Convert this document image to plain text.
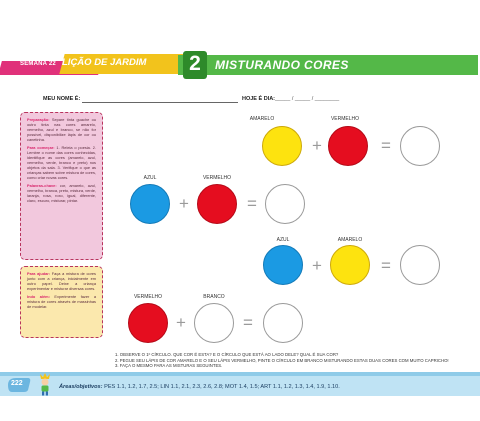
SEMANA 22 LIÇÃO DE JARDIM 2	MISTURANDO CORES
MEU NOME É:	HOJE É DIA: _____ / _____ / ________

Preparação: Separe tinta guache ou outro tinta nas cores amarelo, vermelho, azul e branco, se não for possível, disponibilize lápis de cor ou canetinha.

Para começar: 1. Releia o poesia. 2. Lembre o nome das cores conhecidas, identifique as cores (amarelo, azul, vermelho, verde, branco e preto) nos objetos da sala. 3. Verifique o que as crianças sabem sobre mistura de cores, como criar novas cores.

Palavras-chave: cor, amarelo, azul, vermelho, branca, preto, mistura, verde, laranja, rosa, roxo, igual, diferente, claro, escuro, misturar, pintar.

Para ajudar: Faça a mistura de cores junto com a criança, inicialmente em outro papel. Deixe a criança experimentar e misturar diversas cores.

Indo além: Experimente fazer a mistura de cores através de massinhas de modelar.

AMARELO
+
VERMELHO
=
AZUL
+
VERMELHO
=
AZUL
+
AMARELO
=
VERMELHO
+
BRANCO
=
1. OBSERVE O 1º CÍRCULO. QUE COR É ESTA? E O CÍRCULO QUE ESTÁ AO LADO DELE? QUAL É SUA COR?
2. PEGUE SEU LÁPIS DE COR AMARELO E O SEU LÁPIS VERMELHO, PINTE O CÍRCULO EM BRANCO MISTURANDO ESTAS DUAS CORES COM MUITO CAPRICHO!
3. FAÇA O MESMO PARA AS MISTURAS SEGUINTES.
222	Áreas/objetivos: PES 1.1, 1.2, 1.7, 2.5; LIN 1.1, 2.1, 2.3, 2.6, 2.8; MOT 1.4, 1.5; ART 1.1, 1.2, 1.3, 1.4, 1.9, 1.10.
